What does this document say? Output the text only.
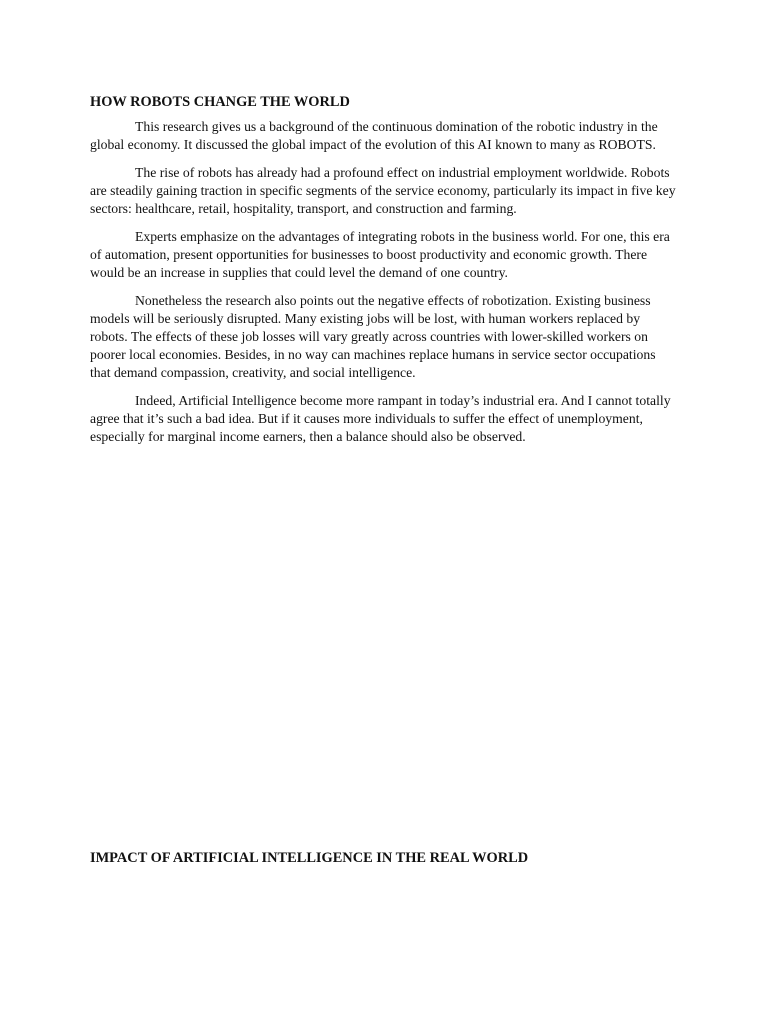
HOW ROBOTS CHANGE THE WORLD

This research gives us a background of the continuous domination of the robotic industry in the global economy. It discussed the global impact of the evolution of this AI known to many as ROBOTS.

The rise of robots has already had a profound effect on industrial employment worldwide. Robots are steadily gaining traction in specific segments of the service economy, particularly its impact in five key sectors: healthcare, retail, hospitality, transport, and construction and farming.

Experts emphasize on the advantages of integrating robots in the business world. For one, this era of automation, present opportunities for businesses to boost productivity and economic growth. There would be an increase in supplies that could level the demand of one country.

Nonetheless the research also points out the negative effects of robotization. Existing business models will be seriously disrupted. Many existing jobs will be lost, with human workers replaced by robots. The effects of these job losses will vary greatly across countries with lower-skilled workers on poorer local economies. Besides, in no way can machines replace humans in service sector occupations that demand compassion, creativity, and social intelligence.

Indeed, Artificial Intelligence become more rampant in today’s industrial era. And I cannot totally agree that it’s such a bad idea. But if it causes more individuals to suffer the effect of unemployment, especially for marginal income earners, then a balance should also be observed.

IMPACT OF ARTIFICIAL INTELLIGENCE IN THE REAL WORLD
